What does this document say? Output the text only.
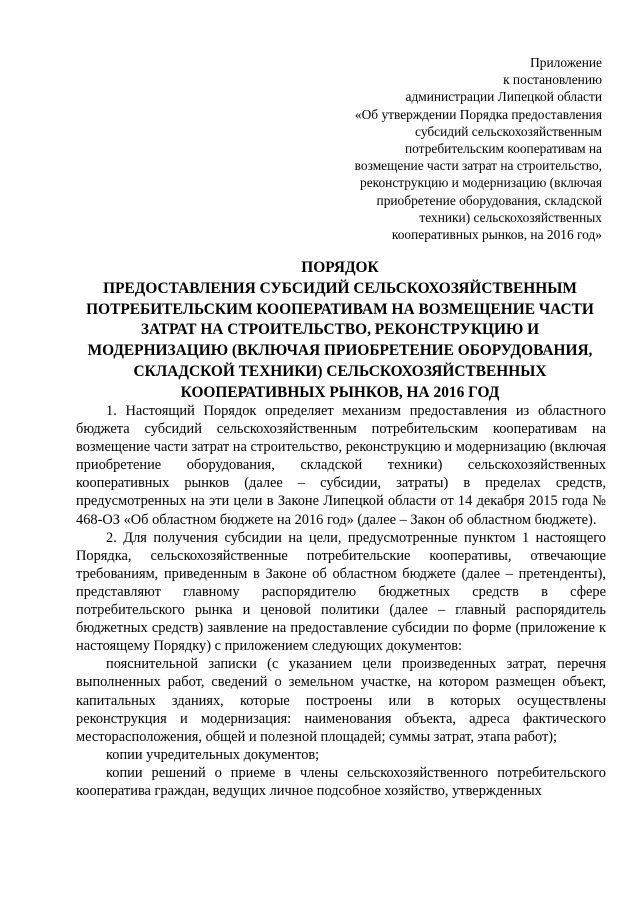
Приложение
к постановлению
администрации Липецкой области
«Об утверждении Порядка предоставления
субсидий сельскохозяйственным
потребительским кооперативам на
возмещение части затрат на строительство,
реконструкцию и модернизацию (включая
приобретение оборудования, складской
техники) сельскохозяйственных
кооперативных рынков, на 2016 год»
ПОРЯДОК
ПРЕДОСТАВЛЕНИЯ СУБСИДИЙ СЕЛЬСКОХОЗЯЙСТВЕННЫМ
ПОТРЕБИТЕЛЬСКИМ КООПЕРАТИВАМ НА ВОЗМЕЩЕНИЕ ЧАСТИ
ЗАТРАТ НА СТРОИТЕЛЬСТВО, РЕКОНСТРУКЦИЮ И
МОДЕРНИЗАЦИЮ (ВКЛЮЧАЯ ПРИОБРЕТЕНИЕ ОБОРУДОВАНИЯ,
СКЛАДСКОЙ ТЕХНИКИ) СЕЛЬСКОХОЗЯЙСТВЕННЫХ
КООПЕРАТИВНЫХ РЫНКОВ, НА 2016 ГОД

1. Настоящий Порядок определяет механизм предоставления из областного бюджета субсидий сельскохозяйственным потребительским кооперативам на возмещение части затрат на строительство, реконструкцию и модернизацию (включая приобретение оборудования, складской техники) сельскохозяйственных кооперативных рынков (далее – субсидии, затраты) в пределах средств, предусмотренных на эти цели в Законе Липецкой области от 14 декабря 2015 года № 468-ОЗ «Об областном бюджете на 2016 год» (далее – Закон об областном бюджете).

2. Для получения субсидии на цели, предусмотренные пунктом 1 настоящего Порядка, сельскохозяйственные потребительские кооперативы, отвечающие требованиям, приведенным в Законе об областном бюджете (далее – претенденты), представляют главному распорядителю бюджетных средств в сфере потребительского рынка и ценовой политики (далее – главный распорядитель бюджетных средств) заявление на предоставление субсидии по форме (приложение к настоящему Порядку) с приложением следующих документов:

пояснительной записки (с указанием цели произведенных затрат, перечня выполненных работ, сведений о земельном участке, на котором размещен объект, капитальных зданиях, которые построены или в которых осуществлены реконструкция и модернизация: наименования объекта, адреса фактического месторасположения, общей и полезной площадей; суммы затрат, этапа работ);

копии учредительных документов;

копии решений о приеме в члены сельскохозяйственного потребительского кооператива граждан, ведущих личное подсобное хозяйство, утвержденных
